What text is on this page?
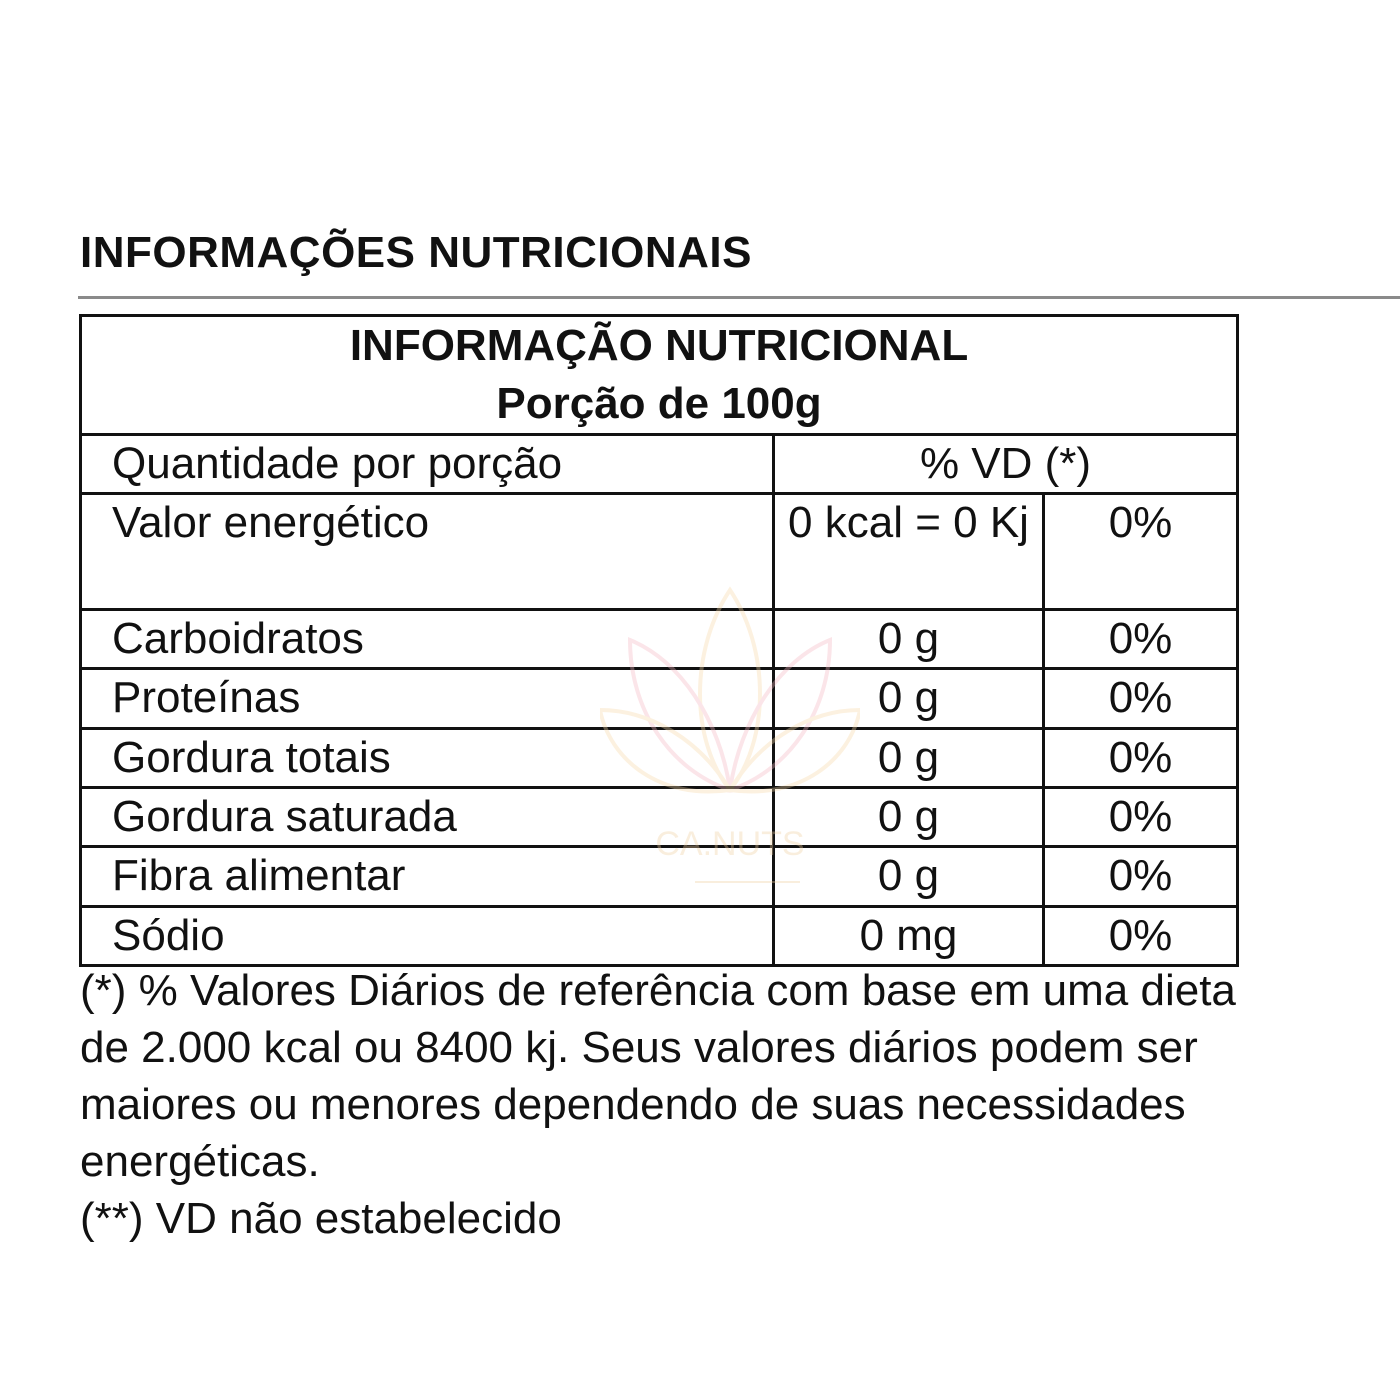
INFORMAÇÕES NUTRICIONAIS
INFORMAÇÃO NUTRICIONAL
Porção de 100g		

Quantidade por porção	% VD (*)	
Valor energético	0 kcal = 0 Kj	0%
Carboidratos	0 g	0%
Proteínas	0 g	0%
Gordura totais	0 g	0%
Gordura saturada	0 g	0%
Fibra alimentar	0 g	0%
Sódio	0 mg	0%
CA.NUTS

(*) % Valores Diários de referência com base em uma dieta
de 2.000 kcal ou 8400 kj. Seus valores diários podem ser
maiores ou menores dependendo de suas necessidades
energéticas.
(**) VD não estabelecido
